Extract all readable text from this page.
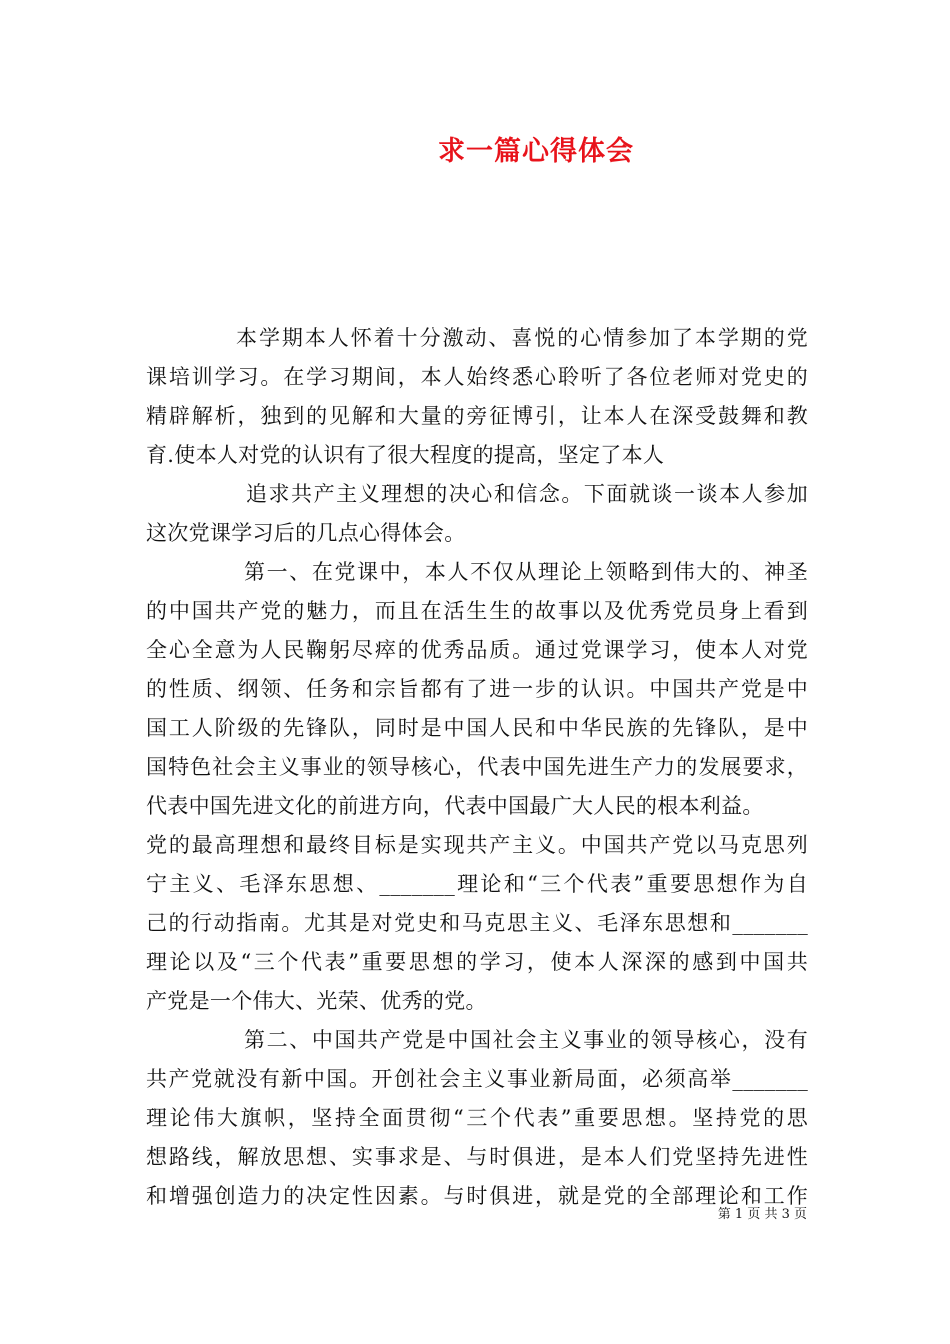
求一篇心得体会

本学期本人怀着十分激动、喜悦的心情参加了本学期的党

课培训学习。在学习期间，本人始终悉心聆听了各位老师对党史的

精辟解析，独到的见解和大量的旁征博引，让本人在深受鼓舞和教

育.使本人对党的认识有了很大程度的提高，坚定了本人

追求共产主义理想的决心和信念。下面就谈一谈本人参加

这次党课学习后的几点心得体会。

第一、在党课中，本人不仅从理论上领略到伟大的、神圣

的中国共产党的魅力，而且在活生生的故事以及优秀党员身上看到

全心全意为人民鞠躬尽瘁的优秀品质。通过党课学习，使本人对党

的性质、纲领、任务和宗旨都有了进一步的认识。中国共产党是中

国工人阶级的先锋队，同时是中国人民和中华民族的先锋队，是中

国特色社会主义事业的领导核心，代表中国先进生产力的发展要求，

代表中国先进文化的前进方向，代表中国最广大人民的根本利益。

党的最高理想和最终目标是实现共产主义。中国共产党以马克思列

宁主义、毛泽东思想、_______理论和“三个代表”重要思想作为自

己的行动指南。尤其是对党史和马克思主义、毛泽东思想和_______

理论以及“三个代表”重要思想的学习，使本人深深的感到中国共

产党是一个伟大、光荣、优秀的党。

第二、中国共产党是中国社会主义事业的领导核心，没有

共产党就没有新中国。开创社会主义事业新局面，必须高举_______

理论伟大旗帜，坚持全面贯彻“三个代表”重要思想。坚持党的思

想路线，解放思想、实事求是、与时俱进，是本人们党坚持先进性

和增强创造力的决定性因素。与时俱进，就是党的全部理论和工作

第 1 页 共 3 页
